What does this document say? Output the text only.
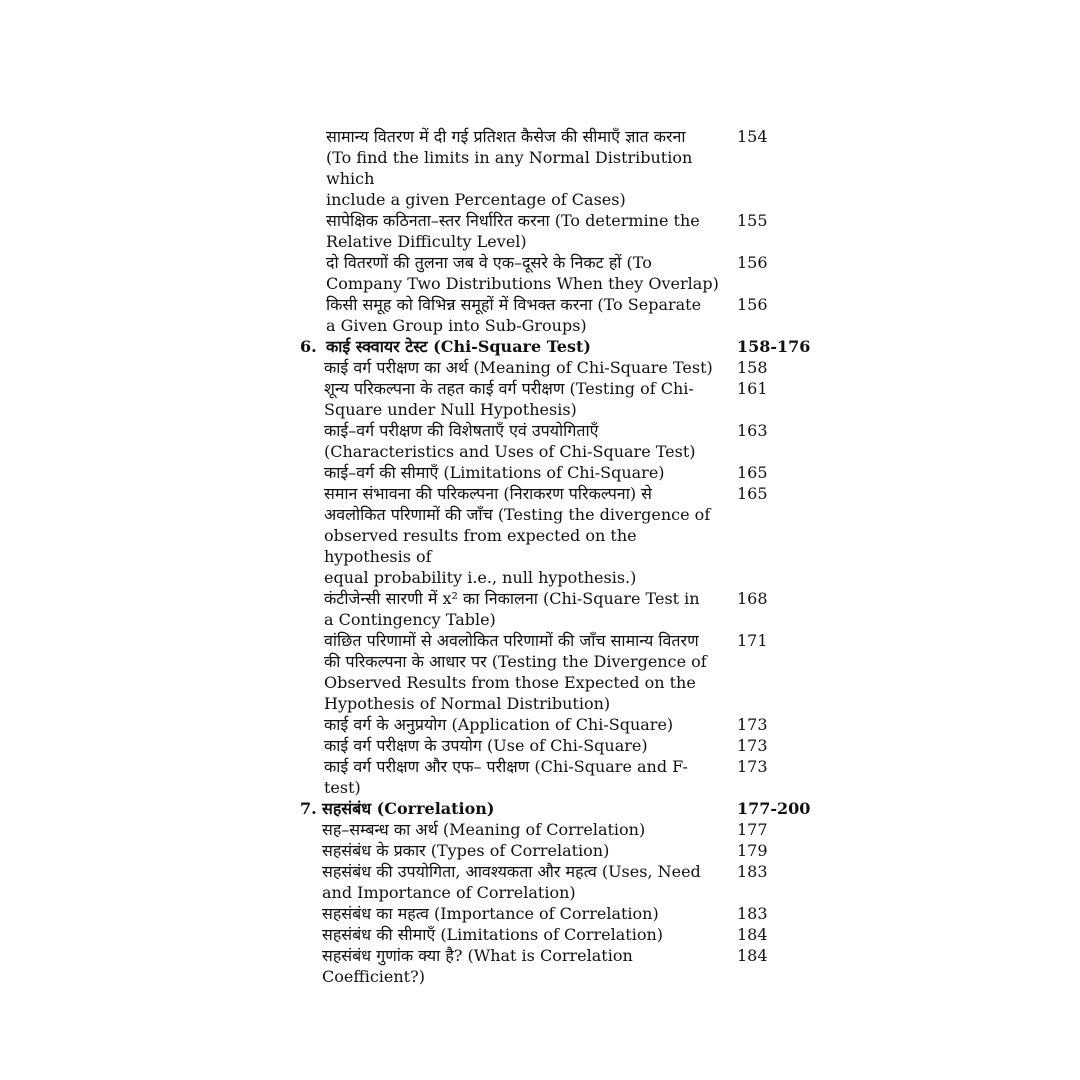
सामान्य वितरण में दी गई प्रतिशत कैसेज की सीमाएँ ज्ञात करना
(To find the limits in any Normal Distribution which
include a given Percentage of Cases)
154
सापेक्षिक कठिनता–स्तर निर्धारित करना (To determine the
Relative Difficulty Level)
155
दो वितरणों की तुलना जब वे एक–दूसरे के निकट हों (To
Company Two Distributions When they Overlap)
156
किसी समूह को विभिन्न समूहों में विभक्त करना (To Separate
a Given Group into Sub-Groups)
156
6. काई स्क्वायर टेस्ट (Chi-Square Test)	158-176
काई वर्ग परीक्षण का अर्थ (Meaning of Chi-Square Test)	158
शून्य परिकल्पना के तहत काई वर्ग परीक्षण (Testing of Chi-
Square under Null Hypothesis)
161
काई–वर्ग परीक्षण की विशेषताएँ एवं उपयोगिताएँ
(Characteristics and Uses of Chi-Square Test)
163
काई–वर्ग की सीमाएँ (Limitations of Chi-Square)	165
समान संभावना की परिकल्पना (निराकरण परिकल्पना) से
अवलोकित परिणामों की जाँच (Testing the divergence of
observed results from expected on the hypothesis of
equal probability i.e., null hypothesis.)
165
कंटीजेन्सी सारणी में x² का निकालना (Chi-Square Test in
a Contingency Table)
168
वांछित परिणामों से अवलोकित परिणामों की जाँच सामान्य वितरण
की परिकल्पना के आधार पर (Testing the Divergence of
Observed Results from those Expected on the
Hypothesis of Normal Distribution)
171
काई वर्ग के अनुप्रयोग (Application of Chi-Square)	173
काई वर्ग परीक्षण के उपयोग (Use of Chi-Square)	173
काई वर्ग परीक्षण और एफ– परीक्षण (Chi-Square and F-test)
173
7. सहसंबंध (Correlation)	177-200
सह–सम्बन्ध का अर्थ (Meaning of Correlation)	177
सहसंबंध के प्रकार (Types of Correlation)	179
सहसंबंध की उपयोगिता, आवश्यकता और महत्व (Uses, Need
and Importance of Correlation)
183
सहसंबंध का महत्व (Importance of Correlation)	183
सहसंबंध की सीमाएँ (Limitations of Correlation)	184
सहसंबंध गुणांक क्या है? (What is Correlation
Coefficient?)
184
